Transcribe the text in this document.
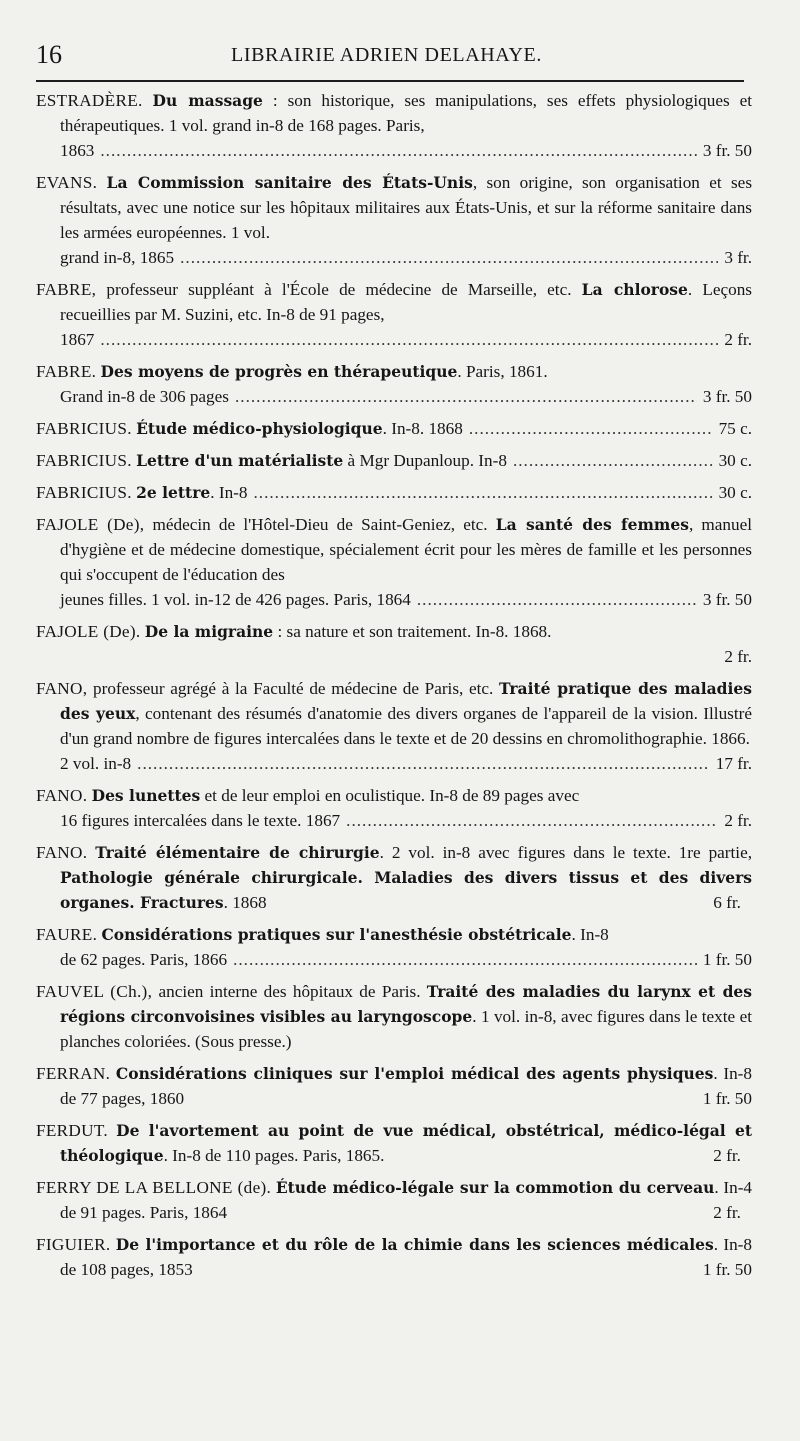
16	LIBRAIRIE ADRIEN DELAHAYE.
ESTRADÈRE. Du massage : son historique, ses manipulations, ses effets physiologiques et thérapeutiques. 1 vol. grand in-8 de 168 pages. Paris,
1863 .....	3 fr. 50
EVANS. La Commission sanitaire des États-Unis, son origine, son organisation et ses résultats, avec une notice sur les hôpitaux militaires aux États-Unis, et sur la réforme sanitaire dans les armées européennes. 1 vol.
grand in-8, 1865 .....	3 fr.
FABRE, professeur suppléant à l'École de médecine de Marseille, etc. La chlorose. Leçons recueillies par M. Suzini, etc. In-8 de 91 pages,
1867 .....	2 fr.
FABRE. Des moyens de progrès en thérapeutique. Paris, 1861.
Grand in-8 de 306 pages .....	3 fr. 50
FABRICIUS. Étude médico-physiologique. In-8. 1868 .....	75 c.
FABRICIUS. Lettre d'un matérialiste à Mgr Dupanloup. In-8 .....	30 c.
FABRICIUS. 2e lettre. In-8 .....	30 c.
FAJOLE (De), médecin de l'Hôtel-Dieu de Saint-Geniez, etc. La santé des femmes, manuel d'hygiène et de médecine domestique, spécialement écrit pour les mères de famille et les personnes qui s'occupent de l'éducation des
jeunes filles. 1 vol. in-12 de 426 pages. Paris, 1864 .....	3 fr. 50
FAJOLE (De). De la migraine : sa nature et son traitement. In-8. 1868.
2 fr.
FANO, professeur agrégé à la Faculté de médecine de Paris, etc. Traité pratique des maladies des yeux, contenant des résumés d'anatomie des divers organes de l'appareil de la vision. Illustré d'un grand nombre de figures intercalées dans le texte et de 20 dessins en chromolithographie. 1866.
2 vol. in-8 .....	17 fr.
FANO. Des lunettes et de leur emploi en oculistique. In-8 de 89 pages avec
16 figures intercalées dans le texte. 1867 .....	2 fr.
FANO. Traité élémentaire de chirurgie. 2 vol. in-8 avec figures dans le texte. 1re partie, Pathologie générale chirurgicale. Maladies des divers tissus et des divers organes. Fractures. 1868	6 fr.
FAURE. Considérations pratiques sur l'anesthésie obstétricale. In-8
de 62 pages. Paris, 1866 .....	1 fr. 50
FAUVEL (Ch.), ancien interne des hôpitaux de Paris. Traité des maladies du larynx et des régions circonvoisines visibles au laryngoscope. 1 vol. in-8, avec figures dans le texte et planches coloriées. (Sous presse.)
FERRAN. Considérations cliniques sur l'emploi médical des agents physiques. In-8 de 77 pages, 1860	1 fr. 50
FERDUT. De l'avortement au point de vue médical, obstétrical, médico-légal et théologique. In-8 de 110 pages. Paris, 1865.	2 fr.
FERRY DE LA BELLONE (de). Étude médico-légale sur la commotion du cerveau. In-4 de 91 pages. Paris, 1864	2 fr.
FIGUIER. De l'importance et du rôle de la chimie dans les sciences médicales. In-8 de 108 pages, 1853	1 fr. 50
